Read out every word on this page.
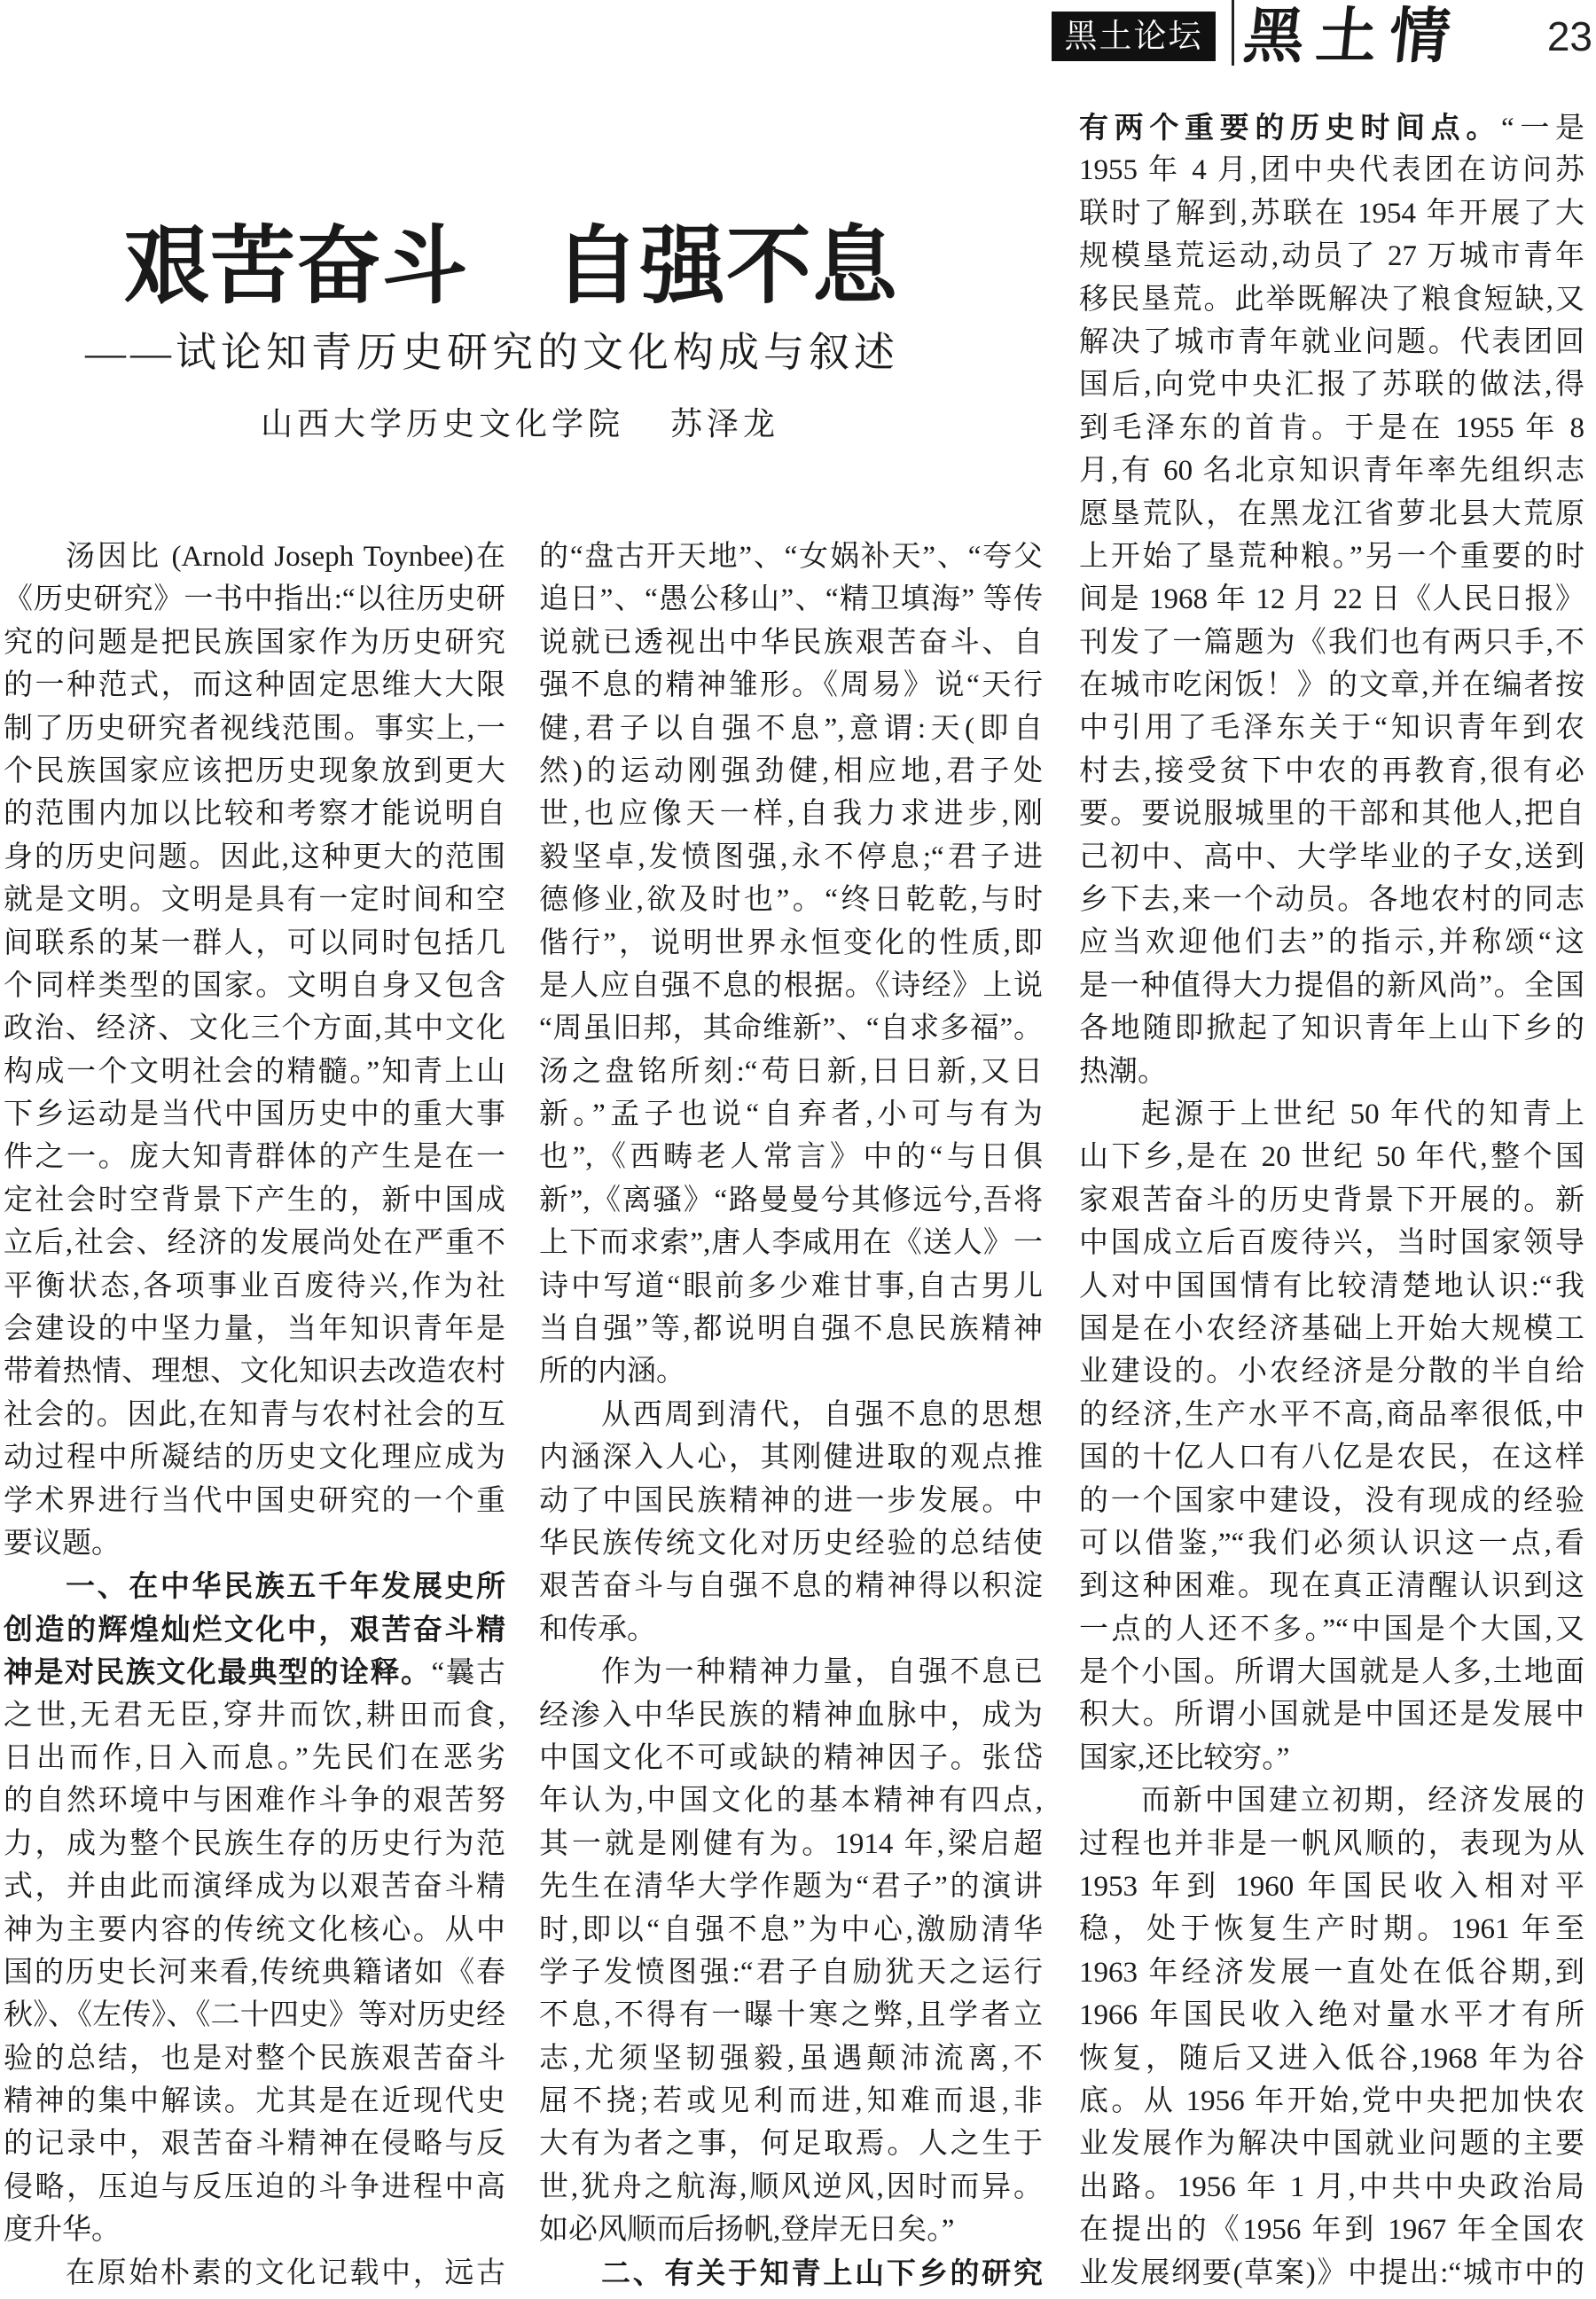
黑土论坛 黑土情 23
艰苦奋斗　自强不息
——试论知青历史研究的文化构成与叙述
山西大学历史文化学院 苏泽龙
汤因比 (Arnold Joseph Toynbee)在
《历史研究》一书中指出:“以往历史研
究的问题是把民族国家作为历史研究
的一种范式，而这种固定思维大大限
制了历史研究者视线范围。事实上,一
个民族国家应该把历史现象放到更大
的范围内加以比较和考察才能说明自
身的历史问题。因此,这种更大的范围
就是文明。文明是具有一定时间和空
间联系的某一群人，可以同时包括几
个同样类型的国家。文明自身又包含
政治、经济、文化三个方面,其中文化
构成一个文明社会的精髓。”知青上山
下乡运动是当代中国历史中的重大事
件之一。庞大知青群体的产生是在一
定社会时空背景下产生的，新中国成
立后,社会、经济的发展尚处在严重不
平衡状态,各项事业百废待兴,作为社
会建设的中坚力量，当年知识青年是
带着热情、理想、文化知识去改造农村
社会的。因此,在知青与农村社会的互
动过程中所凝结的历史文化理应成为
学术界进行当代中国史研究的一个重
要议题。
一、在中华民族五千年发展史所
创造的辉煌灿烂文化中，艰苦奋斗精
神是对民族文化最典型的诠释。“曩古
之世,无君无臣,穿井而饮,耕田而食,
日出而作,日入而息。”先民们在恶劣
的自然环境中与困难作斗争的艰苦努
力，成为整个民族生存的历史行为范
式，并由此而演绎成为以艰苦奋斗精
神为主要内容的传统文化核心。从中
国的历史长河来看,传统典籍诸如《春
秋》、《左传》、《二十四史》等对历史经
验的总结，也是对整个民族艰苦奋斗
精神的集中解读。尤其是在近现代史
的记录中，艰苦奋斗精神在侵略与反
侵略，压迫与反压迫的斗争进程中高
度升华。
在原始朴素的文化记载中，远古
的“盘古开天地”、“女娲补天”、“夸父
追日”、“愚公移山”、“精卫填海” 等传
说就已透视出中华民族艰苦奋斗、自
强不息的精神雏形。《周易》说“天行
健,君子以自强不息”,意谓:天(即自
然)的运动刚强劲健,相应地,君子处
世,也应像天一样,自我力求进步,刚
毅坚卓,发愤图强,永不停息;“君子进
德修业,欲及时也”。“终日乾乾,与时
偕行”，说明世界永恒变化的性质,即
是人应自强不息的根据。《诗经》上说
“周虽旧邦，其命维新”、“自求多福”。
汤之盘铭所刻:“苟日新,日日新,又日
新。”孟子也说“自弃者,小可与有为
也”,《西畴老人常言》中的“与日俱
新”,《离骚》“路曼曼兮其修远兮,吾将
上下而求索”,唐人李咸用在《送人》一
诗中写道“眼前多少难甘事,自古男儿
当自强”等,都说明自强不息民族精神
所的内涵。
从西周到清代，自强不息的思想
内涵深入人心，其刚健进取的观点推
动了中国民族精神的进一步发展。中
华民族传统文化对历史经验的总结使
艰苦奋斗与自强不息的精神得以积淀
和传承。
作为一种精神力量，自强不息已
经渗入中华民族的精神血脉中，成为
中国文化不可或缺的精神因子。张岱
年认为,中国文化的基本精神有四点,
其一就是刚健有为。1914 年,梁启超
先生在清华大学作题为“君子”的演讲
时,即以“自强不息”为中心,激励清华
学子发愤图强:“君子自励犹天之运行
不息,不得有一曝十寒之弊,且学者立
志,尤须坚韧强毅,虽遇颠沛流离,不
屈不挠;若或见利而进,知难而退,非
大有为者之事，何足取焉。人之生于
世,犹舟之航海,顺风逆风,因时而异。
如必风顺而后扬帆,登岸无日矣。”
二、有关于知青上山下乡的研究
有两个重要的历史时间点。“一是
1955 年 4 月,团中央代表团在访问苏
联时了解到,苏联在 1954 年开展了大
规模垦荒运动,动员了 27 万城市青年
移民垦荒。此举既解决了粮食短缺,又
解决了城市青年就业问题。代表团回
国后,向党中央汇报了苏联的做法,得
到毛泽东的首肯。于是在 1955 年 8
月,有 60 名北京知识青年率先组织志
愿垦荒队，在黑龙江省萝北县大荒原
上开始了垦荒种粮。”另一个重要的时
间是 1968 年 12 月 22 日《人民日报》
刊发了一篇题为《我们也有两只手,不
在城市吃闲饭！》的文章,并在编者按
中引用了毛泽东关于“知识青年到农
村去,接受贫下中农的再教育,很有必
要。要说服城里的干部和其他人,把自
己初中、高中、大学毕业的子女,送到
乡下去,来一个动员。各地农村的同志
应当欢迎他们去”的指示,并称颂“这
是一种值得大力提倡的新风尚”。全国
各地随即掀起了知识青年上山下乡的
热潮。
起源于上世纪 50 年代的知青上
山下乡,是在 20 世纪 50 年代,整个国
家艰苦奋斗的历史背景下开展的。新
中国成立后百废待兴，当时国家领导
人对中国国情有比较清楚地认识:“我
国是在小农经济基础上开始大规模工
业建设的。小农经济是分散的半自给
的经济,生产水平不高,商品率很低,中
国的十亿人口有八亿是农民，在这样
的一个国家中建设，没有现成的经验
可以借鉴,”“我们必须认识这一点,看
到这种困难。现在真正清醒认识到这
一点的人还不多。”“中国是个大国,又
是个小国。所谓大国就是人多,土地面
积大。所谓小国就是中国还是发展中
国家,还比较穷。”
而新中国建立初期，经济发展的
过程也并非是一帆风顺的，表现为从
1953 年到 1960 年国民收入相对平
稳，处于恢复生产时期。1961 年至
1963 年经济发展一直处在低谷期,到
1966 年国民收入绝对量水平才有所
恢复，随后又进入低谷,1968 年为谷
底。从 1956 年开始,党中央把加快农
业发展作为解决中国就业问题的主要
出路。1956 年 1 月,中共中央政治局
在提出的《1956 年到 1967 年全国农
业发展纲要(草案)》中提出:“城市中的
